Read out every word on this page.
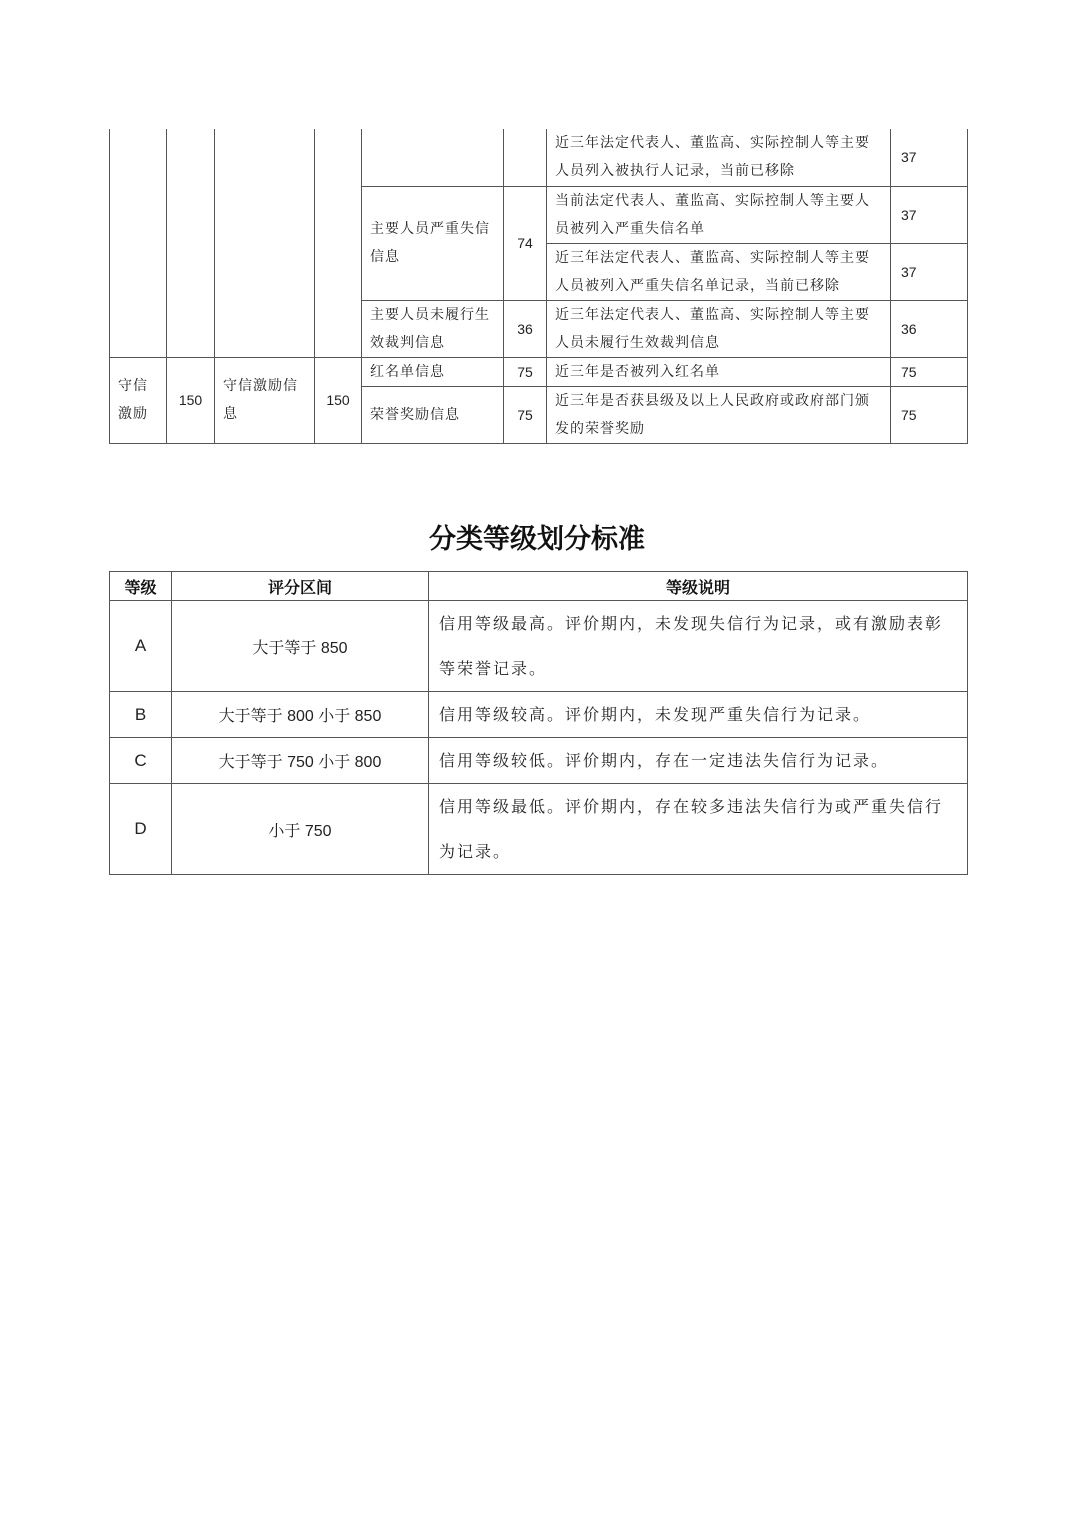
						近三年法定代表人、董监高、实际控制人等主要人员列入被执行人记录，当前已移除	37
				主要人员严重失信信息	74	当前法定代表人、董监高、实际控制人等主要人员被列入严重失信名单	37
						近三年法定代表人、董监高、实际控制人等主要人员被列入严重失信名单记录，当前已移除	37
				主要人员未履行生效裁判信息	36	近三年法定代表人、董监高、实际控制人等主要人员未履行生效裁判信息	36
守信激励	150	守信激励信息	150	红名单信息	75	近三年是否被列入红名单	75
				荣誉奖励信息	75	近三年是否获县级及以上人民政府或政府部门颁发的荣誉奖励	75
分类等级划分标准
等级	评分区间	等级说明
A	大于等于 850	信用等级最高。评价期内，未发现失信行为记录，或有激励表彰等荣誉记录。
B	大于等于 800 小于 850	信用等级较高。评价期内，未发现严重失信行为记录。
C	大于等于 750 小于 800	信用等级较低。评价期内，存在一定违法失信行为记录。
D	小于 750	信用等级最低。评价期内，存在较多违法失信行为或严重失信行为记录。
